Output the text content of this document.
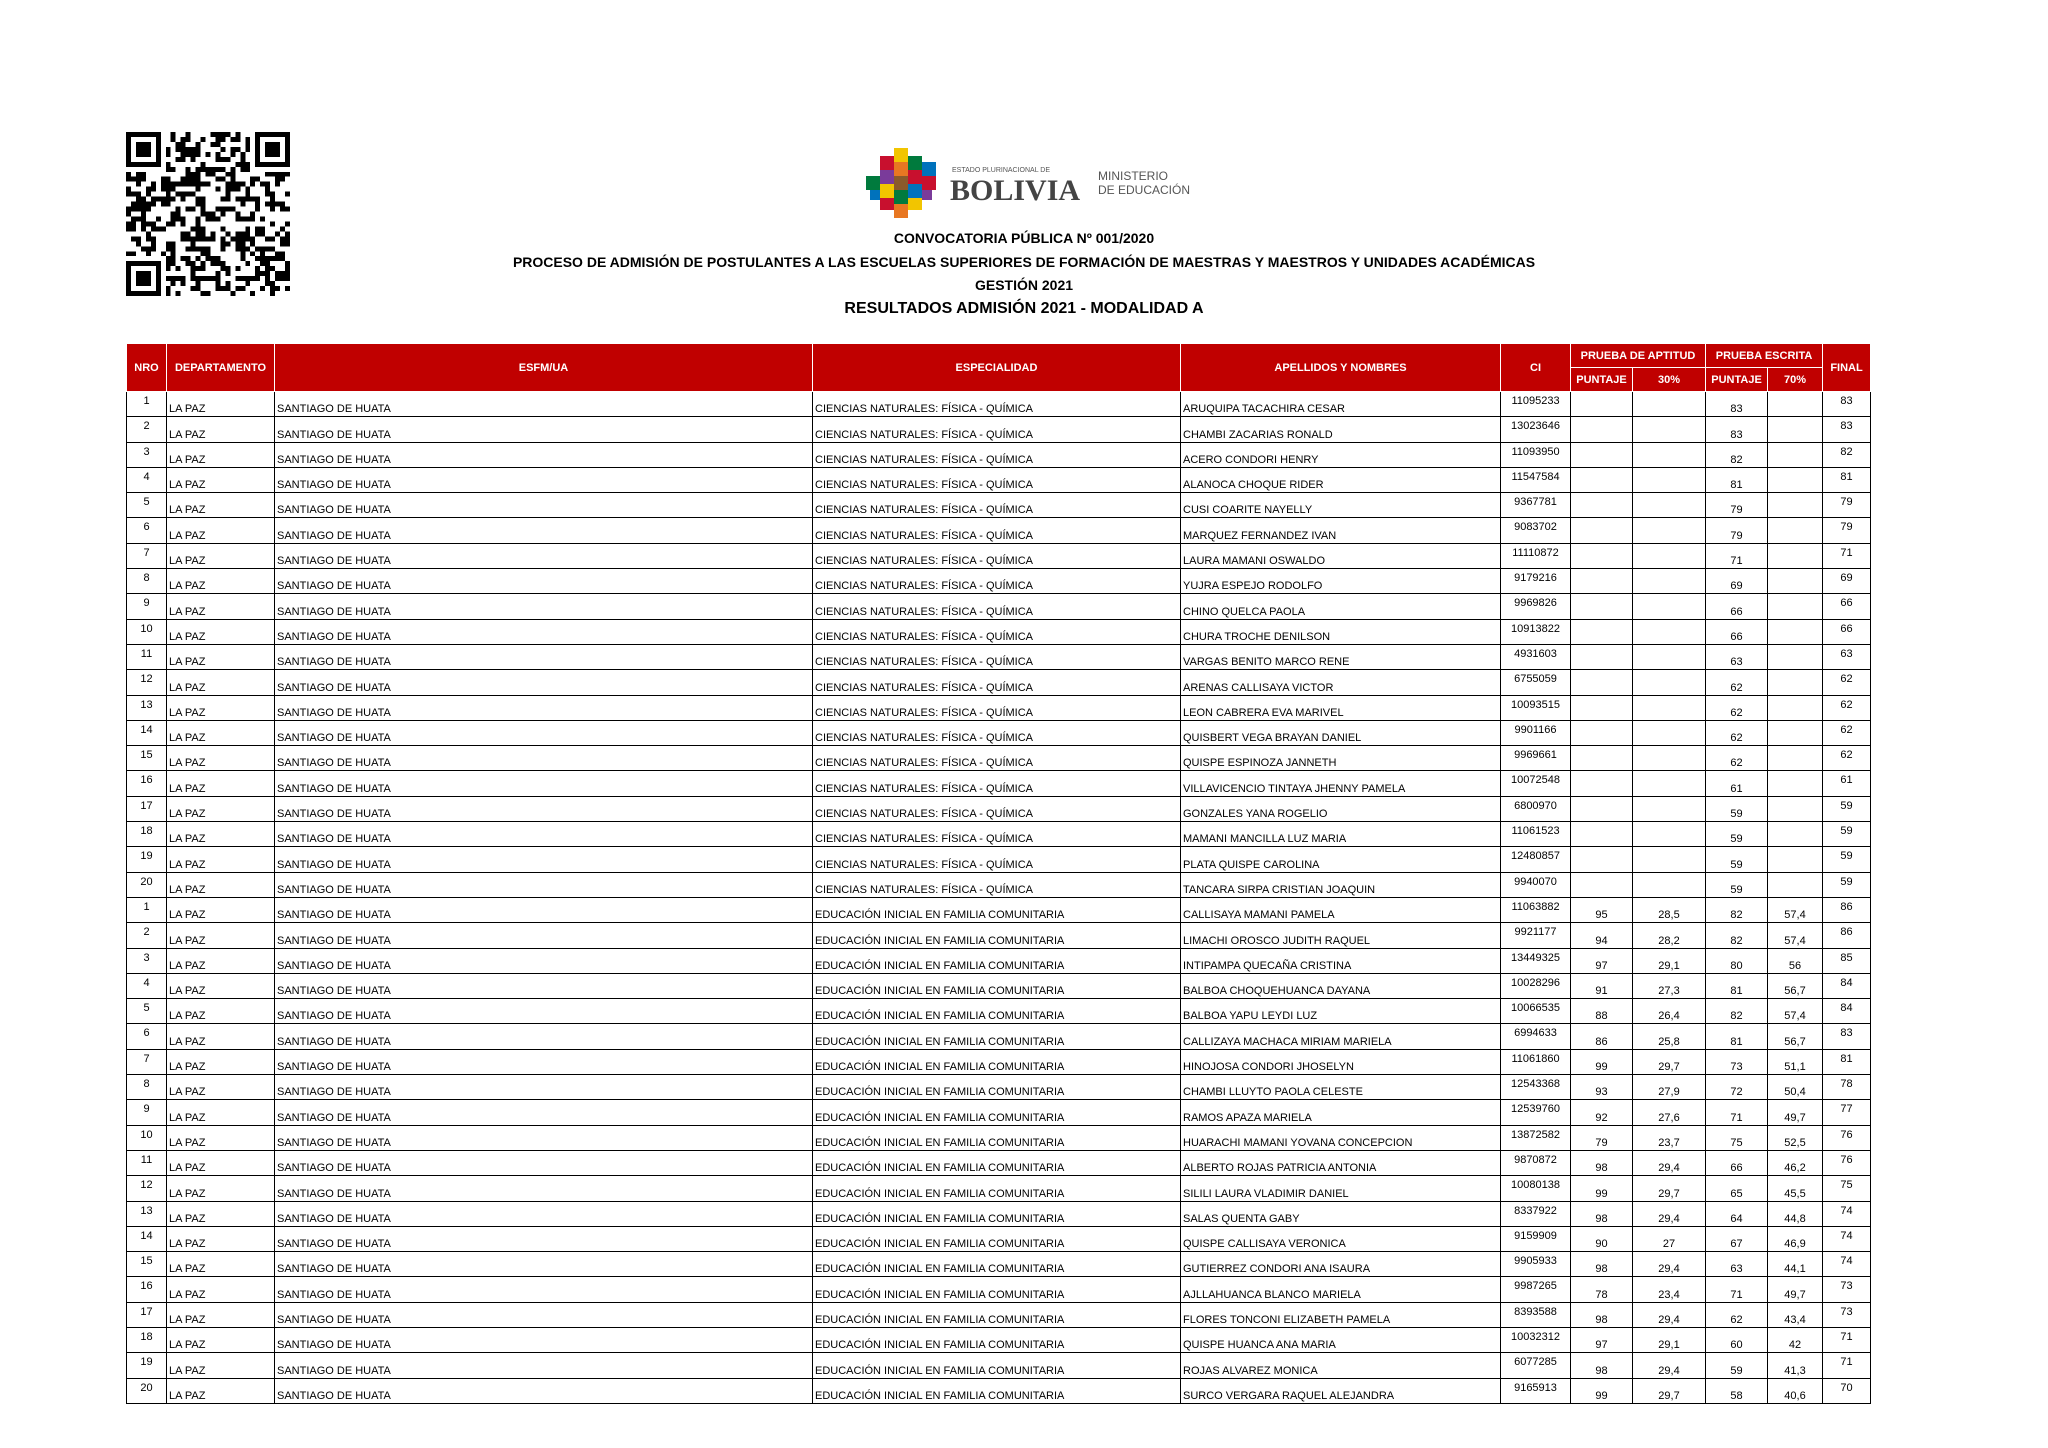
ESTADO PLURINACIONAL DE
BOLIVIA MINISTERIO
DE EDUCACIÓN
CONVOCATORIA PÚBLICA Nº 001/2020
PROCESO DE ADMISIÓN DE POSTULANTES A LAS ESCUELAS SUPERIORES DE FORMACIÓN DE MAESTRAS Y MAESTROS Y UNIDADES ACADÉMICAS
GESTIÓN 2021
RESULTADOS ADMISIÓN 2021 - MODALIDAD A
NRO	DEPARTAMENTO	ESFM/UA	ESPECIALIDAD	APELLIDOS Y NOMBRES	CI	PRUEBA DE APTITUD		PRUEBA ESCRITA		FINAL
						PUNTAJE	30%	PUNTAJE	70%	
1	LA PAZ	SANTIAGO DE HUATA	CIENCIAS NATURALES: FÍSICA - QUÍMICA	ARUQUIPA TACACHIRA CESAR	11095233			83		83
2	LA PAZ	SANTIAGO DE HUATA	CIENCIAS NATURALES: FÍSICA - QUÍMICA	CHAMBI ZACARIAS RONALD	13023646			83		83
3	LA PAZ	SANTIAGO DE HUATA	CIENCIAS NATURALES: FÍSICA - QUÍMICA	ACERO CONDORI HENRY	11093950			82		82
4	LA PAZ	SANTIAGO DE HUATA	CIENCIAS NATURALES: FÍSICA - QUÍMICA	ALANOCA CHOQUE RIDER	11547584			81		81
5	LA PAZ	SANTIAGO DE HUATA	CIENCIAS NATURALES: FÍSICA - QUÍMICA	CUSI COARITE NAYELLY	9367781			79		79
6	LA PAZ	SANTIAGO DE HUATA	CIENCIAS NATURALES: FÍSICA - QUÍMICA	MARQUEZ FERNANDEZ IVAN	9083702			79		79
7	LA PAZ	SANTIAGO DE HUATA	CIENCIAS NATURALES: FÍSICA - QUÍMICA	LAURA MAMANI OSWALDO	11110872			71		71
8	LA PAZ	SANTIAGO DE HUATA	CIENCIAS NATURALES: FÍSICA - QUÍMICA	YUJRA ESPEJO RODOLFO	9179216			69		69
9	LA PAZ	SANTIAGO DE HUATA	CIENCIAS NATURALES: FÍSICA - QUÍMICA	CHINO QUELCA PAOLA	9969826			66		66
10	LA PAZ	SANTIAGO DE HUATA	CIENCIAS NATURALES: FÍSICA - QUÍMICA	CHURA TROCHE DENILSON	10913822			66		66
11	LA PAZ	SANTIAGO DE HUATA	CIENCIAS NATURALES: FÍSICA - QUÍMICA	VARGAS BENITO MARCO RENE	4931603			63		63
12	LA PAZ	SANTIAGO DE HUATA	CIENCIAS NATURALES: FÍSICA - QUÍMICA	ARENAS CALLISAYA VICTOR	6755059			62		62
13	LA PAZ	SANTIAGO DE HUATA	CIENCIAS NATURALES: FÍSICA - QUÍMICA	LEON CABRERA EVA MARIVEL	10093515			62		62
14	LA PAZ	SANTIAGO DE HUATA	CIENCIAS NATURALES: FÍSICA - QUÍMICA	QUISBERT VEGA BRAYAN DANIEL	9901166			62		62
15	LA PAZ	SANTIAGO DE HUATA	CIENCIAS NATURALES: FÍSICA - QUÍMICA	QUISPE ESPINOZA JANNETH	9969661			62		62
16	LA PAZ	SANTIAGO DE HUATA	CIENCIAS NATURALES: FÍSICA - QUÍMICA	VILLAVICENCIO TINTAYA JHENNY PAMELA	10072548			61		61
17	LA PAZ	SANTIAGO DE HUATA	CIENCIAS NATURALES: FÍSICA - QUÍMICA	GONZALES YANA ROGELIO	6800970			59		59
18	LA PAZ	SANTIAGO DE HUATA	CIENCIAS NATURALES: FÍSICA - QUÍMICA	MAMANI MANCILLA LUZ MARIA	11061523			59		59
19	LA PAZ	SANTIAGO DE HUATA	CIENCIAS NATURALES: FÍSICA - QUÍMICA	PLATA QUISPE CAROLINA	12480857			59		59
20	LA PAZ	SANTIAGO DE HUATA	CIENCIAS NATURALES: FÍSICA - QUÍMICA	TANCARA SIRPA CRISTIAN JOAQUIN	9940070			59		59
1	LA PAZ	SANTIAGO DE HUATA	EDUCACIÓN INICIAL EN FAMILIA COMUNITARIA	CALLISAYA MAMANI PAMELA	11063882	95	28,5	82	57,4	86
2	LA PAZ	SANTIAGO DE HUATA	EDUCACIÓN INICIAL EN FAMILIA COMUNITARIA	LIMACHI OROSCO JUDITH RAQUEL	9921177	94	28,2	82	57,4	86
3	LA PAZ	SANTIAGO DE HUATA	EDUCACIÓN INICIAL EN FAMILIA COMUNITARIA	INTIPAMPA QUECAÑA CRISTINA	13449325	97	29,1	80	56	85
4	LA PAZ	SANTIAGO DE HUATA	EDUCACIÓN INICIAL EN FAMILIA COMUNITARIA	BALBOA CHOQUEHUANCA DAYANA	10028296	91	27,3	81	56,7	84
5	LA PAZ	SANTIAGO DE HUATA	EDUCACIÓN INICIAL EN FAMILIA COMUNITARIA	BALBOA YAPU LEYDI LUZ	10066535	88	26,4	82	57,4	84
6	LA PAZ	SANTIAGO DE HUATA	EDUCACIÓN INICIAL EN FAMILIA COMUNITARIA	CALLIZAYA MACHACA MIRIAM MARIELA	6994633	86	25,8	81	56,7	83
7	LA PAZ	SANTIAGO DE HUATA	EDUCACIÓN INICIAL EN FAMILIA COMUNITARIA	HINOJOSA CONDORI JHOSELYN	11061860	99	29,7	73	51,1	81
8	LA PAZ	SANTIAGO DE HUATA	EDUCACIÓN INICIAL EN FAMILIA COMUNITARIA	CHAMBI LLUYTO PAOLA CELESTE	12543368	93	27,9	72	50,4	78
9	LA PAZ	SANTIAGO DE HUATA	EDUCACIÓN INICIAL EN FAMILIA COMUNITARIA	RAMOS APAZA MARIELA	12539760	92	27,6	71	49,7	77
10	LA PAZ	SANTIAGO DE HUATA	EDUCACIÓN INICIAL EN FAMILIA COMUNITARIA	HUARACHI MAMANI YOVANA CONCEPCION	13872582	79	23,7	75	52,5	76
11	LA PAZ	SANTIAGO DE HUATA	EDUCACIÓN INICIAL EN FAMILIA COMUNITARIA	ALBERTO ROJAS PATRICIA ANTONIA	9870872	98	29,4	66	46,2	76
12	LA PAZ	SANTIAGO DE HUATA	EDUCACIÓN INICIAL EN FAMILIA COMUNITARIA	SILILI LAURA VLADIMIR DANIEL	10080138	99	29,7	65	45,5	75
13	LA PAZ	SANTIAGO DE HUATA	EDUCACIÓN INICIAL EN FAMILIA COMUNITARIA	SALAS QUENTA GABY	8337922	98	29,4	64	44,8	74
14	LA PAZ	SANTIAGO DE HUATA	EDUCACIÓN INICIAL EN FAMILIA COMUNITARIA	QUISPE CALLISAYA VERONICA	9159909	90	27	67	46,9	74
15	LA PAZ	SANTIAGO DE HUATA	EDUCACIÓN INICIAL EN FAMILIA COMUNITARIA	GUTIERREZ CONDORI ANA ISAURA	9905933	98	29,4	63	44,1	74
16	LA PAZ	SANTIAGO DE HUATA	EDUCACIÓN INICIAL EN FAMILIA COMUNITARIA	AJLLAHUANCA BLANCO MARIELA	9987265	78	23,4	71	49,7	73
17	LA PAZ	SANTIAGO DE HUATA	EDUCACIÓN INICIAL EN FAMILIA COMUNITARIA	FLORES TONCONI ELIZABETH PAMELA	8393588	98	29,4	62	43,4	73
18	LA PAZ	SANTIAGO DE HUATA	EDUCACIÓN INICIAL EN FAMILIA COMUNITARIA	QUISPE HUANCA ANA MARIA	10032312	97	29,1	60	42	71
19	LA PAZ	SANTIAGO DE HUATA	EDUCACIÓN INICIAL EN FAMILIA COMUNITARIA	ROJAS ALVAREZ MONICA	6077285	98	29,4	59	41,3	71
20	LA PAZ	SANTIAGO DE HUATA	EDUCACIÓN INICIAL EN FAMILIA COMUNITARIA	SURCO VERGARA RAQUEL ALEJANDRA	9165913	99	29,7	58	40,6	70
